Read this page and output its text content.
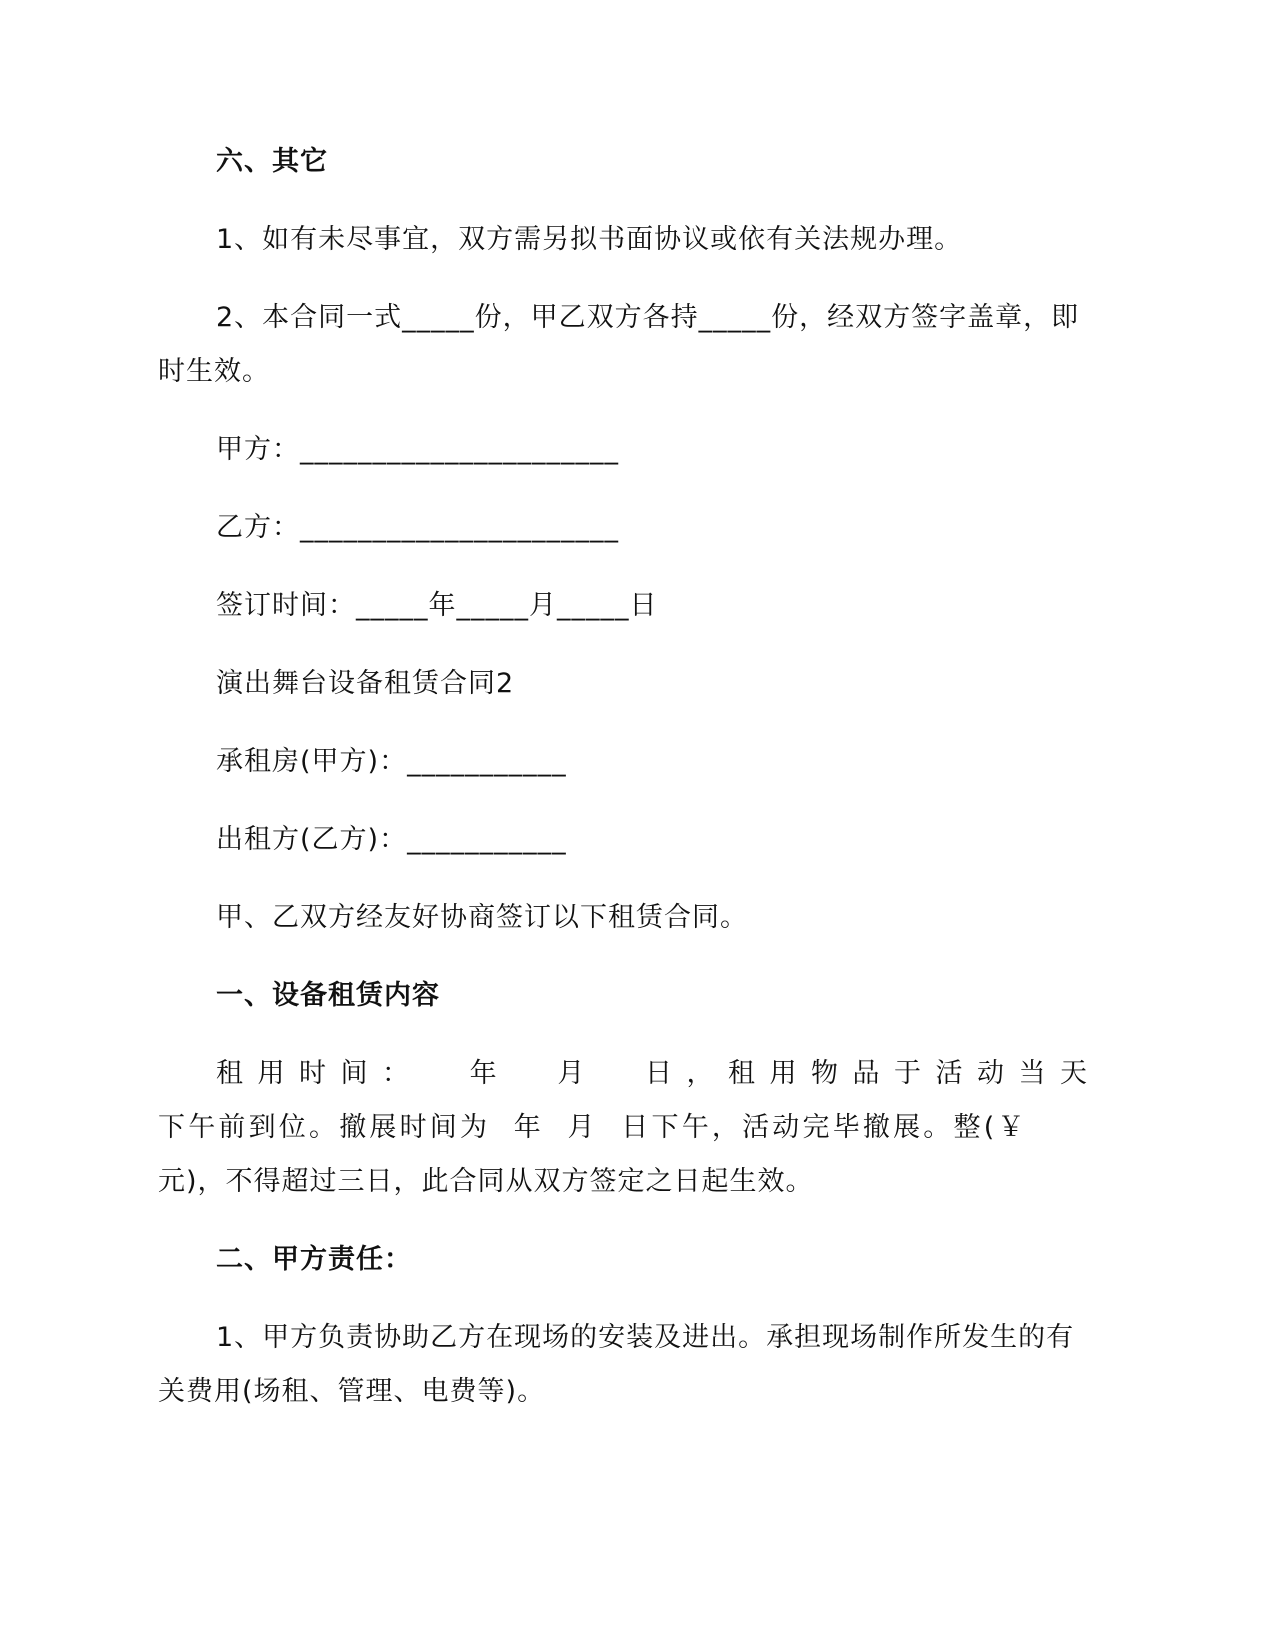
六、其它
1、如有未尽事宜，双方需另拟书面协议或依有关法规办理。
2、本合同一式_____份，甲乙双方各持_____份，经双方签字盖章，即
时生效。
甲方：______________________
乙方：______________________
签订时间：_____年_____月_____日
演出舞台设备租赁合同2
承租房(甲方)：___________
出租方(乙方)：___________
甲、乙双方经友好协商签订以下租赁合同。
一、设备租赁内容
租用时间：  年  月  日，租用物品于活动当天
下午前到位。撤展时间为  年  月  日下午，活动完毕撤展。整(￥
元)，不得超过三日，此合同从双方签定之日起生效。
二、甲方责任：
1、甲方负责协助乙方在现场的安装及进出。承担现场制作所发生的有
关费用(场租、管理、电费等)。
